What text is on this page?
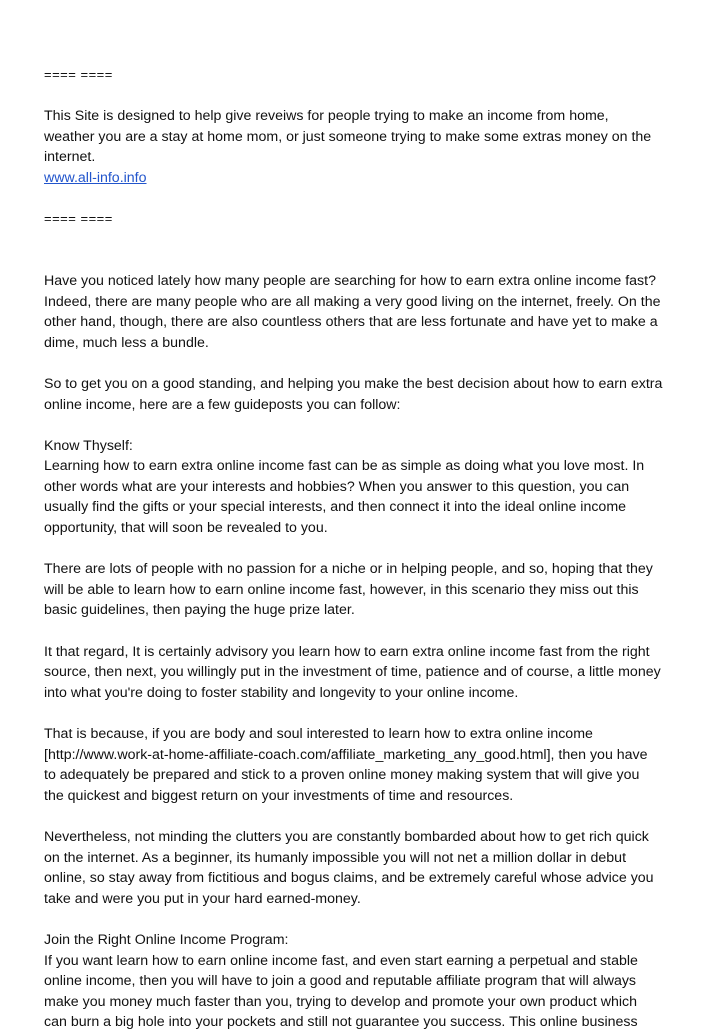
==== ====
This Site is designed to help give reveiws for people trying to make an income from home,
weather you are a stay at home mom, or just someone trying to make some extras money on the
internet.
www.all-info.info
==== ====

Have you noticed lately how many people are searching for how to earn extra online income fast?
Indeed, there are many people who are all making a very good living on the internet, freely. On the
other hand, though, there are also countless others that are less fortunate and have yet to make a
dime, much less a bundle.

So to get you on a good standing, and helping you make the best decision about how to earn extra
online income, here are a few guideposts you can follow:

Know Thyself:
Learning how to earn extra online income fast can be as simple as doing what you love most. In
other words what are your interests and hobbies? When you answer to this question, you can
usually find the gifts or your special interests, and then connect it into the ideal online income
opportunity, that will soon be revealed to you.

There are lots of people with no passion for a niche or in helping people, and so, hoping that they
will be able to learn how to earn online income fast, however, in this scenario they miss out this
basic guidelines, then paying the huge prize later.

It that regard, It is certainly advisory you learn how to earn extra online income fast from the right
source, then next, you willingly put in the investment of time, patience and of course, a little money
into what you're doing to foster stability and longevity to your online income.

That is because, if you are body and soul interested to learn how to extra online income
[http://www.work-at-home-affiliate-coach.com/affiliate_marketing_any_good.html], then you have
to adequately be prepared and stick to a proven online money making system that will give you
the quickest and biggest return on your investments of time and resources.

Nevertheless, not minding the clutters you are constantly bombarded about how to get rich quick
on the internet. As a beginner, its humanly impossible you will not net a million dollar in debut
online, so stay away from fictitious and bogus claims, and be extremely careful whose advice you
take and were you put in your hard earned-money.

Join the Right Online Income Program:
If you want learn how to earn online income fast, and even start earning a perpetual and stable
online income, then you will have to join a good and reputable affiliate program that will always
make you money much faster than you, trying to develop and promote your own product which
can burn a big hole into your pockets and still not guarantee you success. This online business
